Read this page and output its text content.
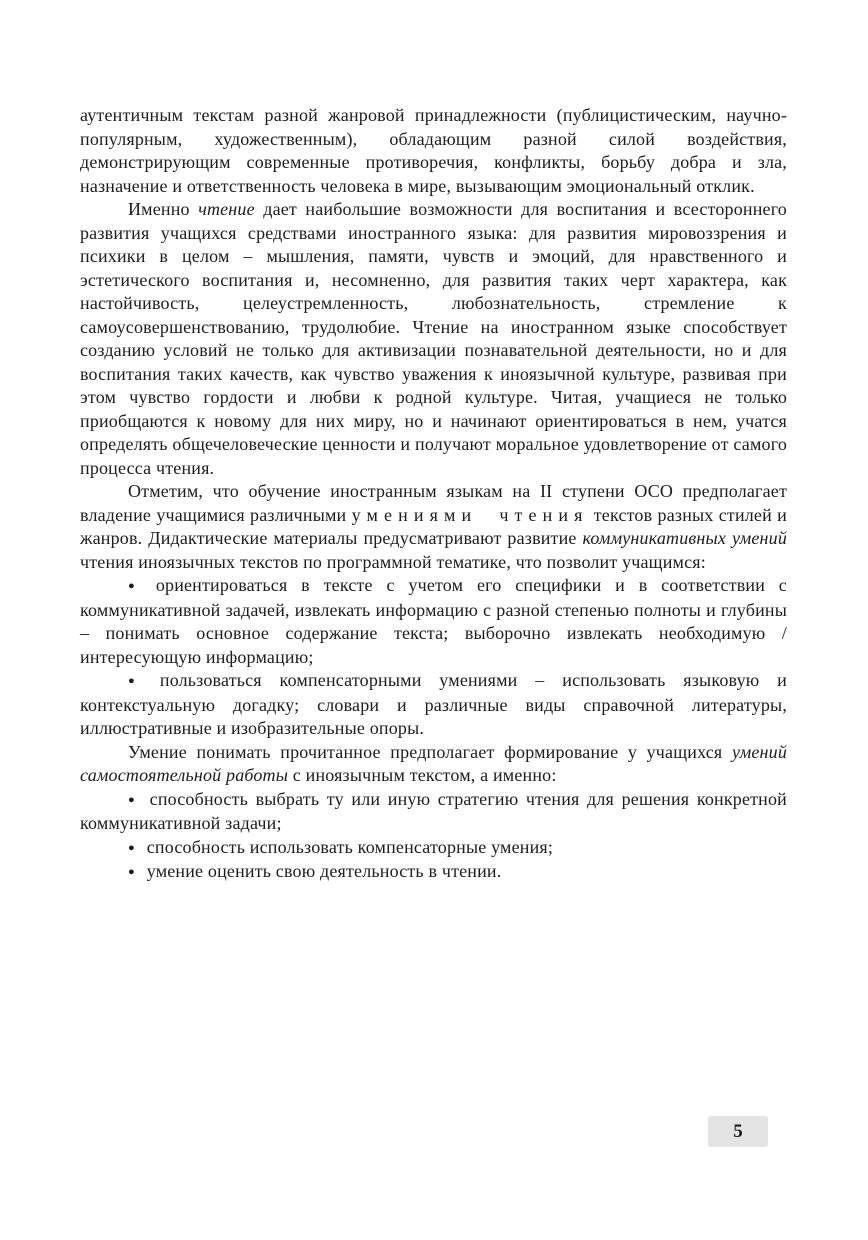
аутентичным текстам разной жанровой принадлежности (публицистическим, научно-популярным, художественным), обладающим разной силой воздействия, демонстрирующим современные противоречия, конфликты, борьбу добра и зла, назначение и ответственность человека в мире, вызывающим эмоциональный отклик.

Именно чтение дает наибольшие возможности для воспитания и всестороннего развития учащихся средствами иностранного языка: для развития мировоззрения и психики в целом – мышления, памяти, чувств и эмоций, для нравственного и эстетического воспитания и, несомненно, для развития таких черт характера, как настойчивость, целеустремленность, любознательность, стремление к самоусовершенствованию, трудолюбие. Чтение на иностранном языке способствует созданию условий не только для активизации познавательной деятельности, но и для воспитания таких качеств, как чувство уважения к иноязычной культуре, развивая при этом чувство гордости и любви к родной культуре. Читая, учащиеся не только приобщаются к новому для них миру, но и начинают ориентироваться в нем, учатся определять общечеловеческие ценности и получают моральное удовлетворение от самого процесса чтения.

Отметим, что обучение иностранным языкам на II ступени ОСО предполагает владение учащимися различными умениями чтения текстов разных стилей и жанров. Дидактические материалы предусматривают развитие коммуникативных умений чтения иноязычных текстов по программной тематике, что позволит учащимся:

● ориентироваться в тексте с учетом его специфики и в соответствии с коммуникативной задачей, извлекать информацию с разной степенью полноты и глубины – понимать основное содержание текста; выборочно извлекать необходимую / интересующую информацию;

● пользоваться компенсаторными умениями – использовать языковую и контекстуальную догадку; словари и различные виды справочной литературы, иллюстративные и изобразительные опоры.

Умение понимать прочитанное предполагает формирование у учащихся умений самостоятельной работы с иноязычным текстом, а именно:

● способность выбрать ту или иную стратегию чтения для решения конкретной коммуникативной задачи;

● способность использовать компенсаторные умения;

● умение оценить свою деятельность в чтении.

5
